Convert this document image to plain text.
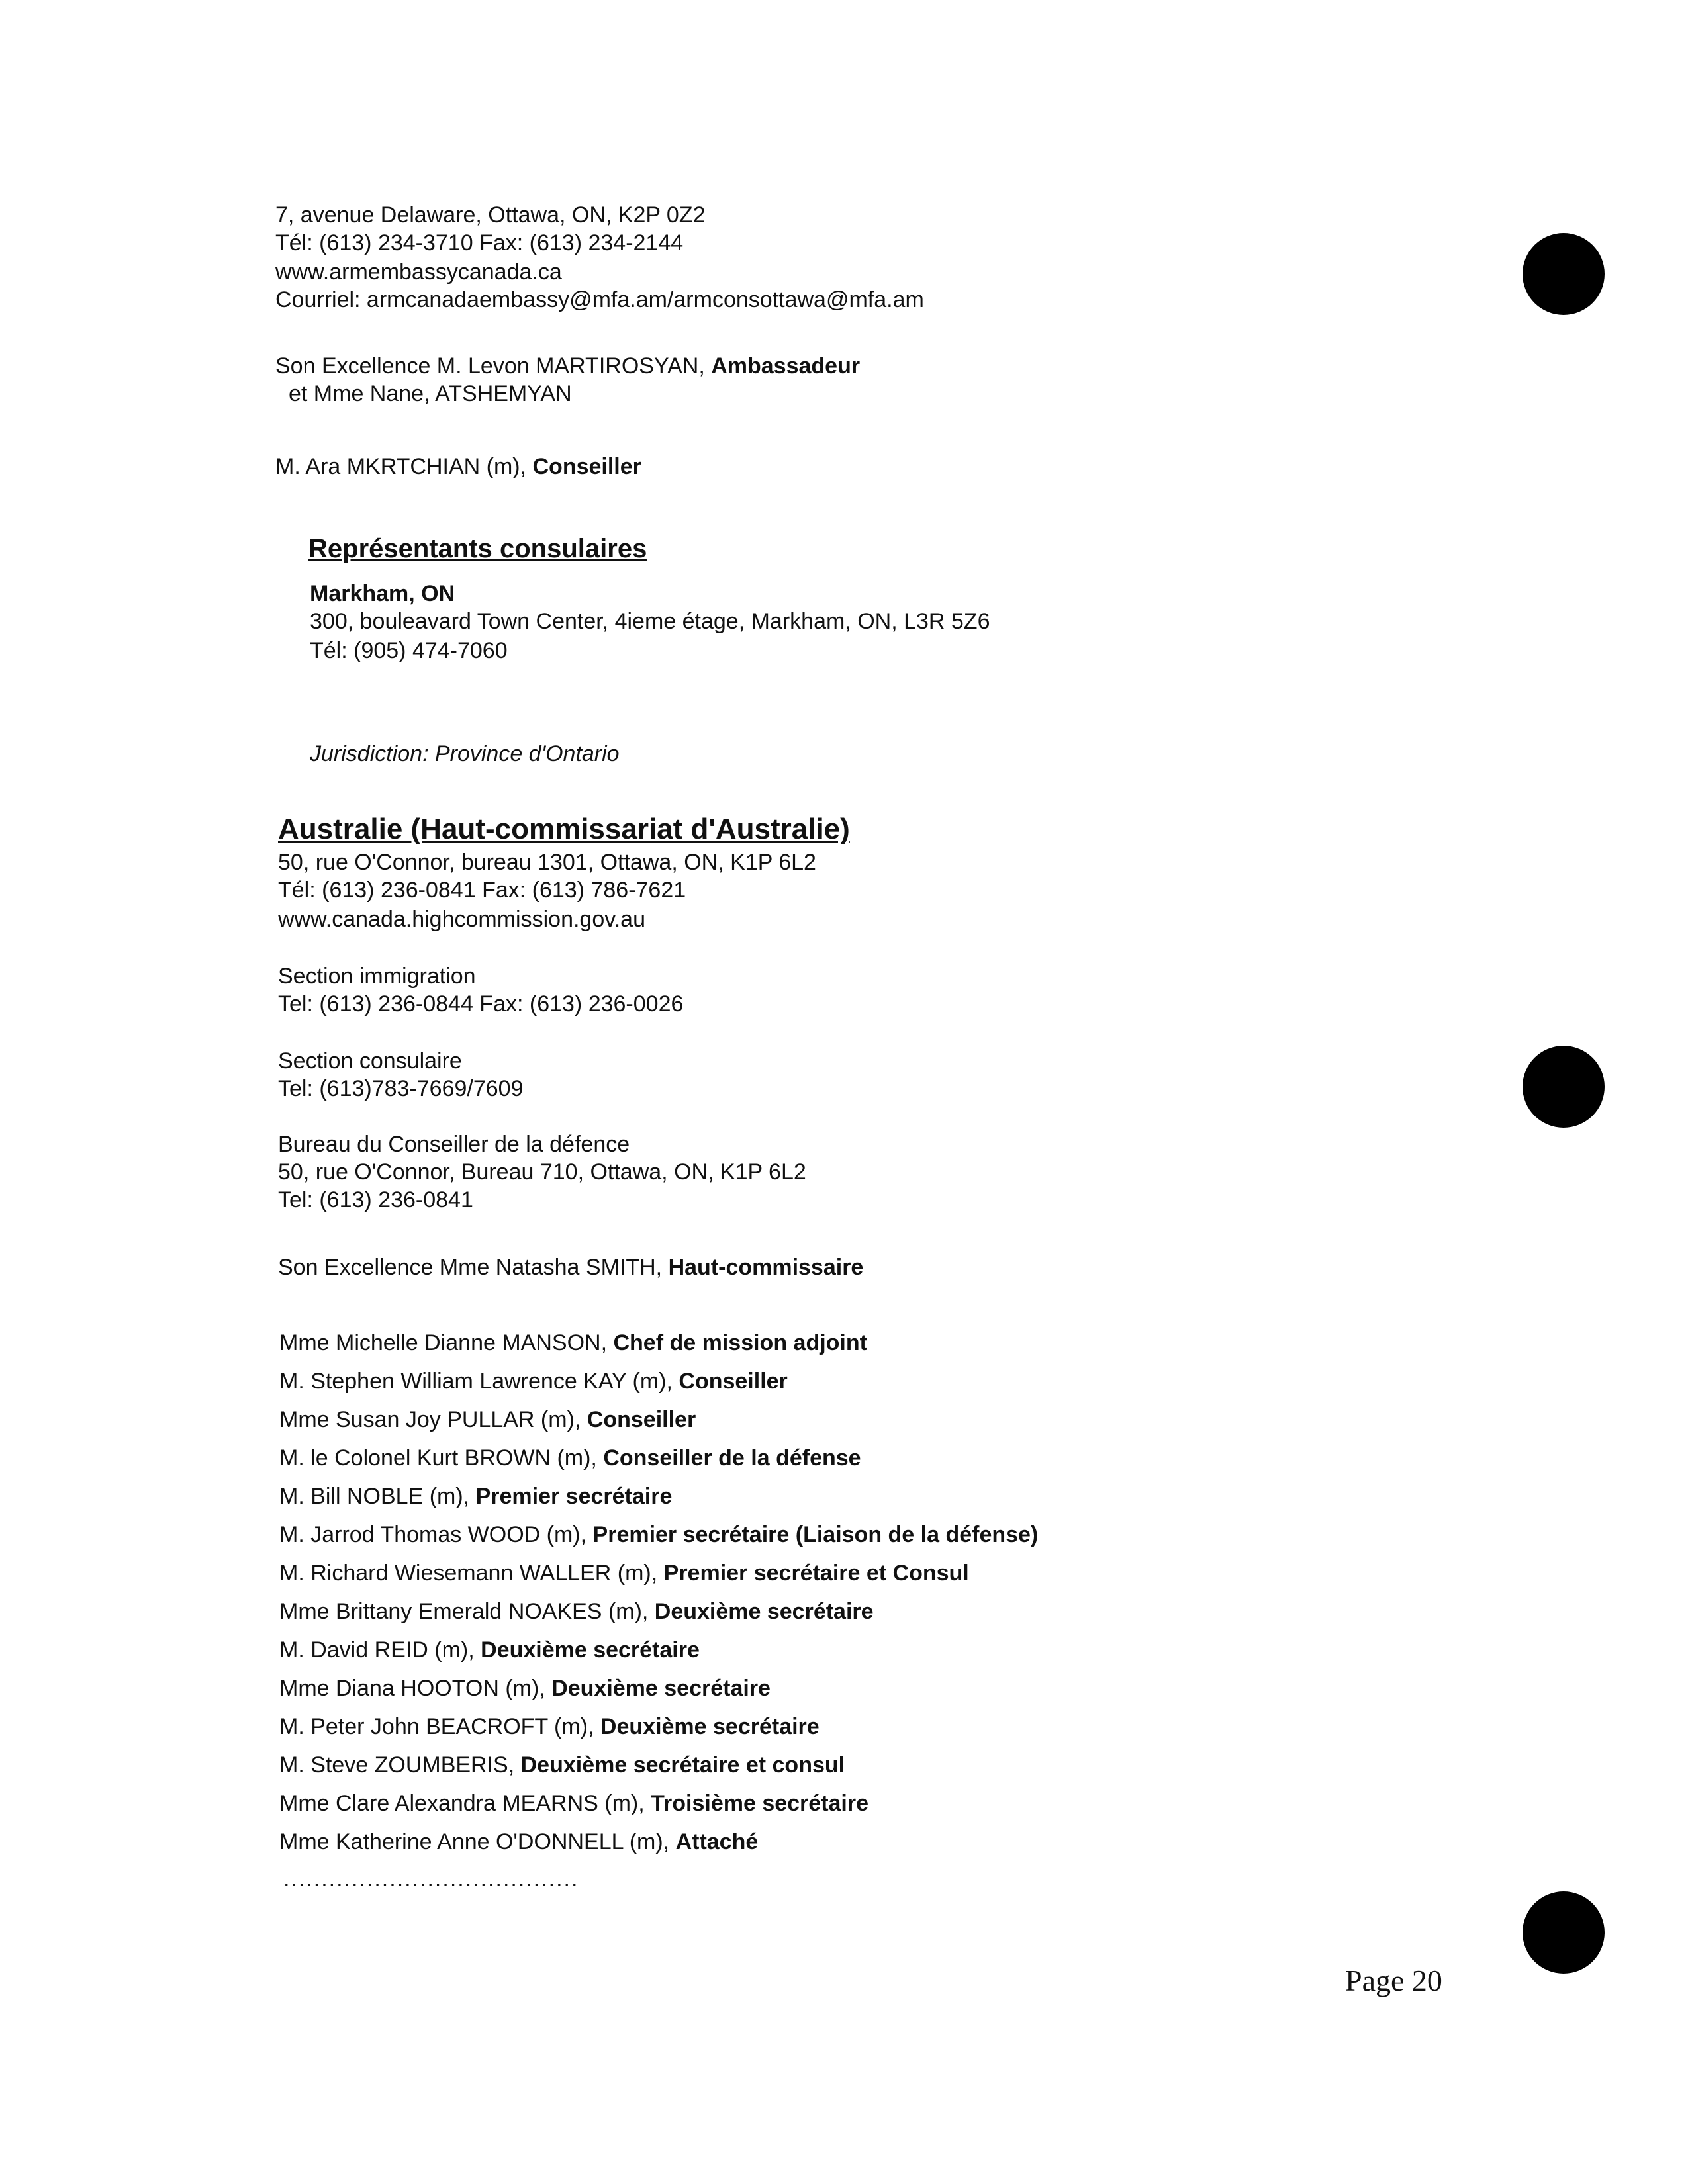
7, avenue Delaware, Ottawa, ON, K2P 0Z2
Tél: (613) 234-3710 Fax: (613) 234-2144
www.armembassycanada.ca
Courriel: armcanadaembassy@mfa.am/armconsottawa@mfa.am
Son Excellence M. Levon MARTIROSYAN, Ambassadeur
et Mme Nane, ATSHEMYAN
M. Ara MKRTCHIAN (m), Conseiller
Représentants consulaires
Markham, ON
300, bouleavard Town Center, 4ieme étage, Markham, ON, L3R 5Z6
Tél: (905) 474-7060
Jurisdiction: Province d'Ontario
Australie (Haut-commissariat d'Australie)
50, rue O'Connor, bureau 1301, Ottawa, ON, K1P 6L2
Tél: (613) 236-0841 Fax: (613) 786-7621
www.canada.highcommission.gov.au
Section immigration
Tel: (613) 236-0844 Fax: (613) 236-0026
Section consulaire
Tel: (613)783-7669/7609
Bureau du Conseiller de la défence
50, rue O'Connor, Bureau 710, Ottawa, ON, K1P 6L2
Tel: (613) 236-0841
Son Excellence Mme Natasha SMITH, Haut-commissaire
Mme Michelle Dianne MANSON, Chef de mission adjoint
M. Stephen William Lawrence KAY (m), Conseiller
Mme Susan Joy PULLAR (m), Conseiller
M. le Colonel Kurt BROWN (m), Conseiller de la défense
M. Bill NOBLE (m), Premier secrétaire
M. Jarrod Thomas WOOD (m), Premier secrétaire (Liaison de la défense)
M. Richard Wiesemann WALLER (m), Premier secrétaire et Consul
Mme Brittany Emerald NOAKES (m), Deuxième secrétaire
M. David REID (m), Deuxième secrétaire
Mme Diana HOOTON (m), Deuxième secrétaire
M. Peter John BEACROFT (m), Deuxième secrétaire
M. Steve ZOUMBERIS, Deuxième secrétaire et consul
Mme Clare Alexandra MEARNS (m), Troisième secrétaire
Mme Katherine Anne O'DONNELL (m), Attaché
.......................................
Page 20
